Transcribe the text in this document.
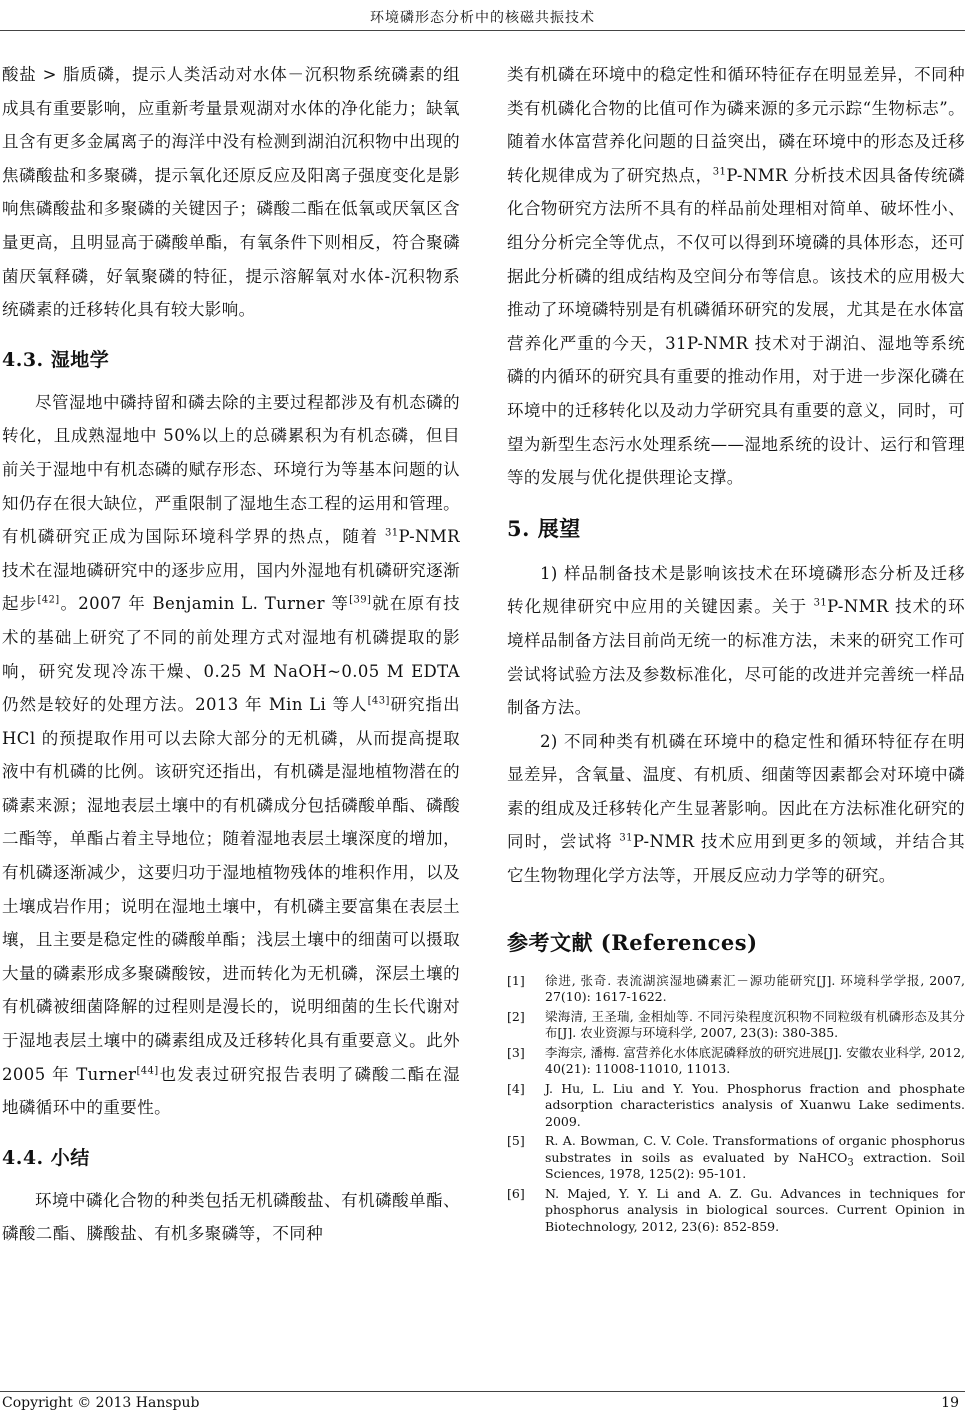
环境磷形态分析中的核磁共振技术

酸盐 > 脂质磷，提示人类活动对水体－沉积物系统磷素的组成具有重要影响，应重新考量景观湖对水体的净化能力；缺氧且含有更多金属离子的海洋中没有检测到湖泊沉积物中出现的焦磷酸盐和多聚磷，提示氧化还原反应及阳离子强度变化是影响焦磷酸盐和多聚磷的关键因子；磷酸二酯在低氧或厌氧区含量更高，且明显高于磷酸单酯，有氧条件下则相反，符合聚磷菌厌氧释磷，好氧聚磷的特征，提示溶解氧对水体-沉积物系统磷素的迁移转化具有较大影响。

4.3. 湿地学

尽管湿地中磷持留和磷去除的主要过程都涉及有机态磷的转化，且成熟湿地中 50%以上的总磷累积为有机态磷，但目前关于湿地中有机态磷的赋存形态、环境行为等基本问题的认知仍存在很大缺位，严重限制了湿地生态工程的运用和管理。有机磷研究正成为国际环境科学界的热点，随着 $^{31}$P-NMR 技术在湿地磷研究中的逐步应用，国内外湿地有机磷研究逐渐起步[42]。2007 年 Benjamin L. Turner 等[39]就在原有技术的基础上研究了不同的前处理方式对湿地有机磷提取的影响，研究发现冷冻干燥、0.25 M NaOH~0.05 M EDTA 仍然是较好的处理方法。2013 年 Min Li 等人[43]研究指出 HCl 的预提取作用可以去除大部分的无机磷，从而提高提取液中有机磷的比例。该研究还指出，有机磷是湿地植物潜在的磷素来源；湿地表层土壤中的有机磷成分包括磷酸单酯、磷酸二酯等，单酯占着主导地位；随着湿地表层土壤深度的增加，有机磷逐渐减少，这要归功于湿地植物残体的堆积作用，以及土壤成岩作用；说明在湿地土壤中，有机磷主要富集在表层土壤，且主要是稳定性的磷酸单酯；浅层土壤中的细菌可以摄取大量的磷素形成多聚磷酸铵，进而转化为无机磷，深层土壤的有机磷被细菌降解的过程则是漫长的，说明细菌的生长代谢对于湿地表层土壤中的磷素组成及迁移转化具有重要意义。此外 2005 年 Turner[44]也发表过研究报告表明了磷酸二酯在湿地磷循环中的重要性。

4.4. 小结

环境中磷化合物的种类包括无机磷酸盐、有机磷酸单酯、磷酸二酯、膦酸盐、有机多聚磷等，不同种

类有机磷在环境中的稳定性和循环特征存在明显差异，不同种类有机磷化合物的比值可作为磷来源的多元示踪“生物标志”。随着水体富营养化问题的日益突出，磷在环境中的形态及迁移转化规律成为了研究热点，$^{31}$P-NMR 分析技术因具备传统磷化合物研究方法所不具有的样品前处理相对简单、破坏性小、组分分析完全等优点，不仅可以得到环境磷的具体形态，还可据此分析磷的组成结构及空间分布等信息。该技术的应用极大推动了环境磷特别是有机磷循环研究的发展，尤其是在水体富营养化严重的今天，31P-NMR 技术对于湖泊、湿地等系统磷的内循环的研究具有重要的推动作用，对于进一步深化磷在环境中的迁移转化以及动力学研究具有重要的意义，同时，可望为新型生态污水处理系统——湿地系统的设计、运行和管理等的发展与优化提供理论支撑。

5. 展望

1) 样品制备技术是影响该技术在环境磷形态分析及迁移转化规律研究中应用的关键因素。关于 $^{31}$P-NMR 技术的环境样品制备方法目前尚无统一的标准方法，未来的研究工作可尝试将试验方法及参数标准化，尽可能的改进并完善统一样品制备方法。

2) 不同种类有机磷在环境中的稳定性和循环特征存在明显差异，含氧量、温度、有机质、细菌等因素都会对环境中磷素的组成及迁移转化产生显著影响。因此在方法标准化研究的同时，尝试将 $^{31}$P-NMR 技术应用到更多的领域，并结合其它生物物理化学方法等，开展反应动力学等的研究。

参考文献 (References)
[1]	徐进, 张奇. 表流湖滨湿地磷素汇－源功能研究[J]. 环境科学学报, 2007, 27(10): 1617-1622.
[2]	梁海清, 王圣瑞, 金相灿等. 不同污染程度沉积物不同粒级有机磷形态及其分布[J]. 农业资源与环境科学, 2007, 23(3): 380-385.
[3]	李海宗, 潘梅. 富营养化水体底泥磷释放的研究进展[J]. 安徽农业科学, 2012, 40(21): 11008-11010, 11013.
[4]	J. Hu, L. Liu and Y. You. Phosphorus fraction and phosphate adsorption characteristics analysis of Xuanwu Lake sediments. 2009.
[5]	R. A. Bowman, C. V. Cole. Transformations of organic phosphorus substrates in soils as evaluated by NaHCO$_3$ extraction. Soil Sciences, 1978, 125(2): 95-101.
[6]	N. Majed, Y. Y. Li and A. Z. Gu. Advances in techniques for phosphorus analysis in biological sources. Current Opinion in Biotechnology, 2012, 23(6): 852-859.
Copyright © 2013 Hanspub	19
